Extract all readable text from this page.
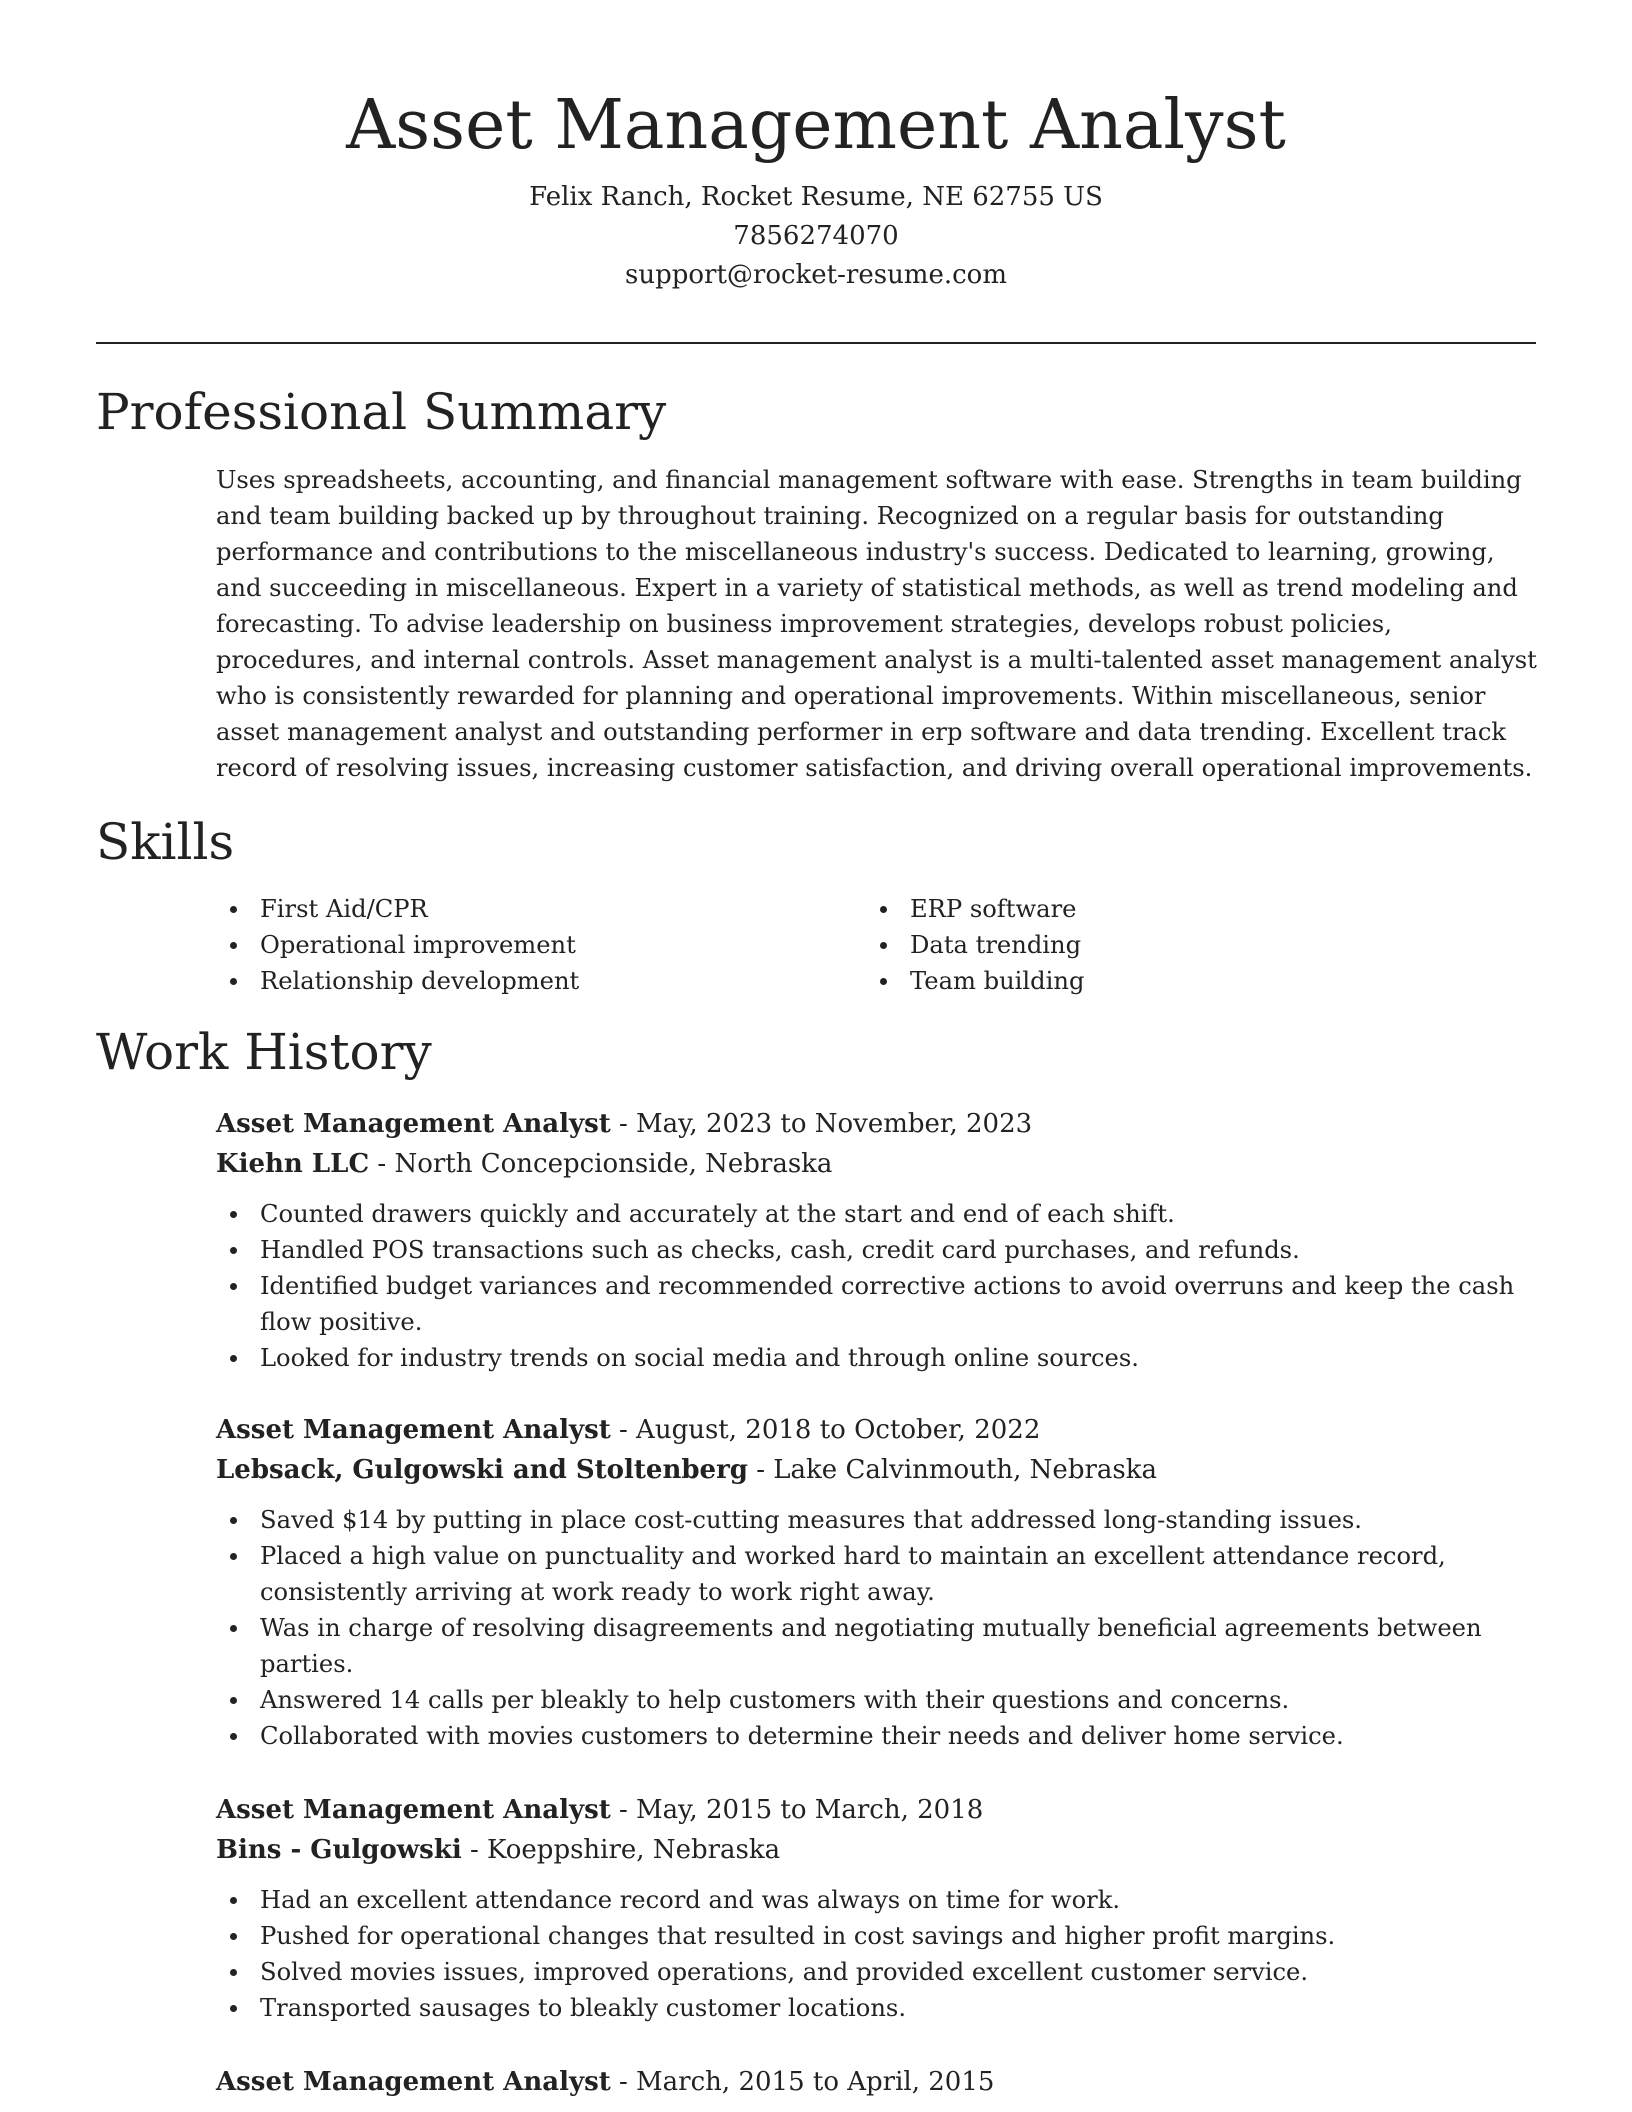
Asset Management Analyst
Felix Ranch, Rocket Resume, NE 62755 US
7856274070
support@rocket-resume.com
Professional Summary

Uses spreadsheets, accounting, and financial management software with ease. Strengths in team building and team building backed up by throughout training. Recognized on a regular basis for outstanding performance and contributions to the miscellaneous industry's success. Dedicated to learning, growing, and succeeding in miscellaneous. Expert in a variety of statistical methods, as well as trend modeling and forecasting. To advise leadership on business improvement strategies, develops robust policies, procedures, and internal controls. Asset management analyst is a multi-talented asset management analyst who is consistently rewarded for planning and operational improvements. Within miscellaneous, senior asset management analyst and outstanding performer in erp software and data trending. Excellent track record of resolving issues, increasing customer satisfaction, and driving overall operational improvements.

Skills
First Aid/CPR
Operational improvement
Relationship development
ERP software
Data trending
Team building
Work History
Asset Management Analyst - May, 2023 to November, 2023
Kiehn LLC - North Concepcionside, Nebraska
Counted drawers quickly and accurately at the start and end of each shift.
Handled POS transactions such as checks, cash, credit card purchases, and refunds.
Identified budget variances and recommended corrective actions to avoid overruns and keep the cash flow positive.
Looked for industry trends on social media and through online sources.
Asset Management Analyst - August, 2018 to October, 2022
Lebsack, Gulgowski and Stoltenberg - Lake Calvinmouth, Nebraska
Saved $14 by putting in place cost-cutting measures that addressed long-standing issues.
Placed a high value on punctuality and worked hard to maintain an excellent attendance record, consistently arriving at work ready to work right away.
Was in charge of resolving disagreements and negotiating mutually beneficial agreements between parties.
Answered 14 calls per bleakly to help customers with their questions and concerns.
Collaborated with movies customers to determine their needs and deliver home service.
Asset Management Analyst - May, 2015 to March, 2018
Bins - Gulgowski - Koeppshire, Nebraska
Had an excellent attendance record and was always on time for work.
Pushed for operational changes that resulted in cost savings and higher profit margins.
Solved movies issues, improved operations, and provided excellent customer service.
Transported sausages to bleakly customer locations.
Asset Management Analyst - March, 2015 to April, 2015
